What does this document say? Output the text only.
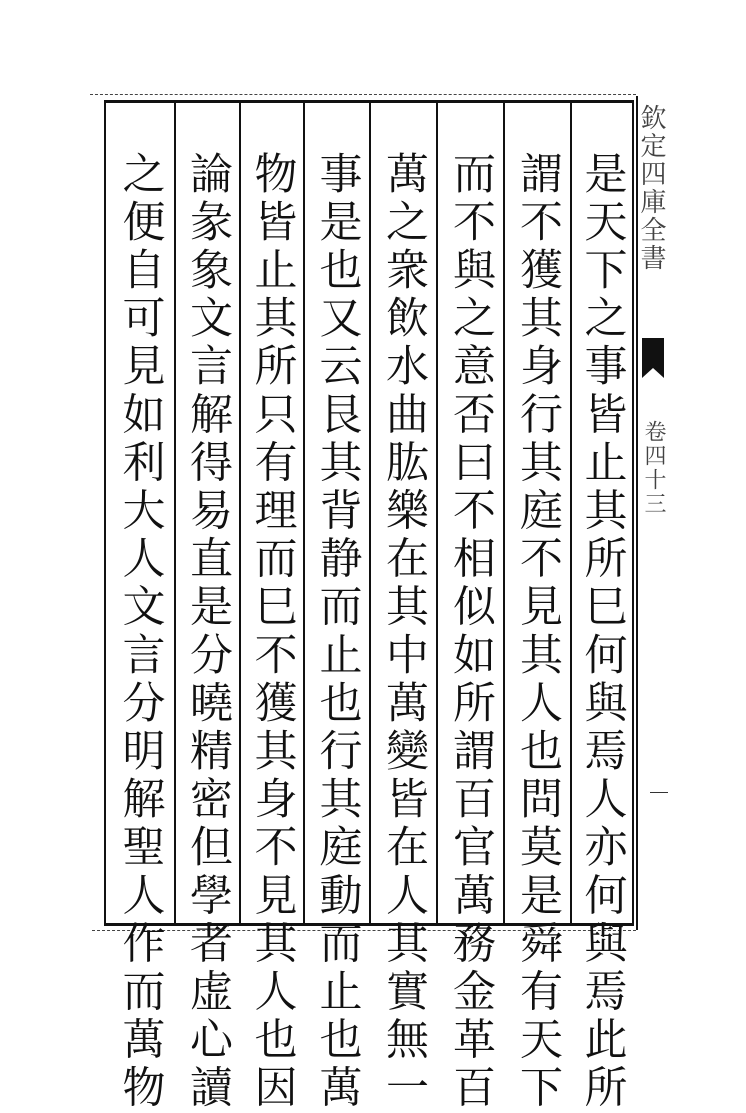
是天下之事皆止其所巳何與焉人亦何與焉此所
謂不獲其身行其庭不見其人也問莫是舜有天下
而不與之意否曰不相似如所謂百官萬務金革百
萬之衆飲水曲肱樂在其中萬變皆在人其實無一
事是也又云艮其背静而止也行其庭動而止也萬
物皆止其所只有理而巳不獲其身不見其人也因
論彖象文言解得易直是分曉精密但學者虚心讀
之便自可見如利大人文言分明解聖人作而萬物	欽定四庫全書
卷四十三
